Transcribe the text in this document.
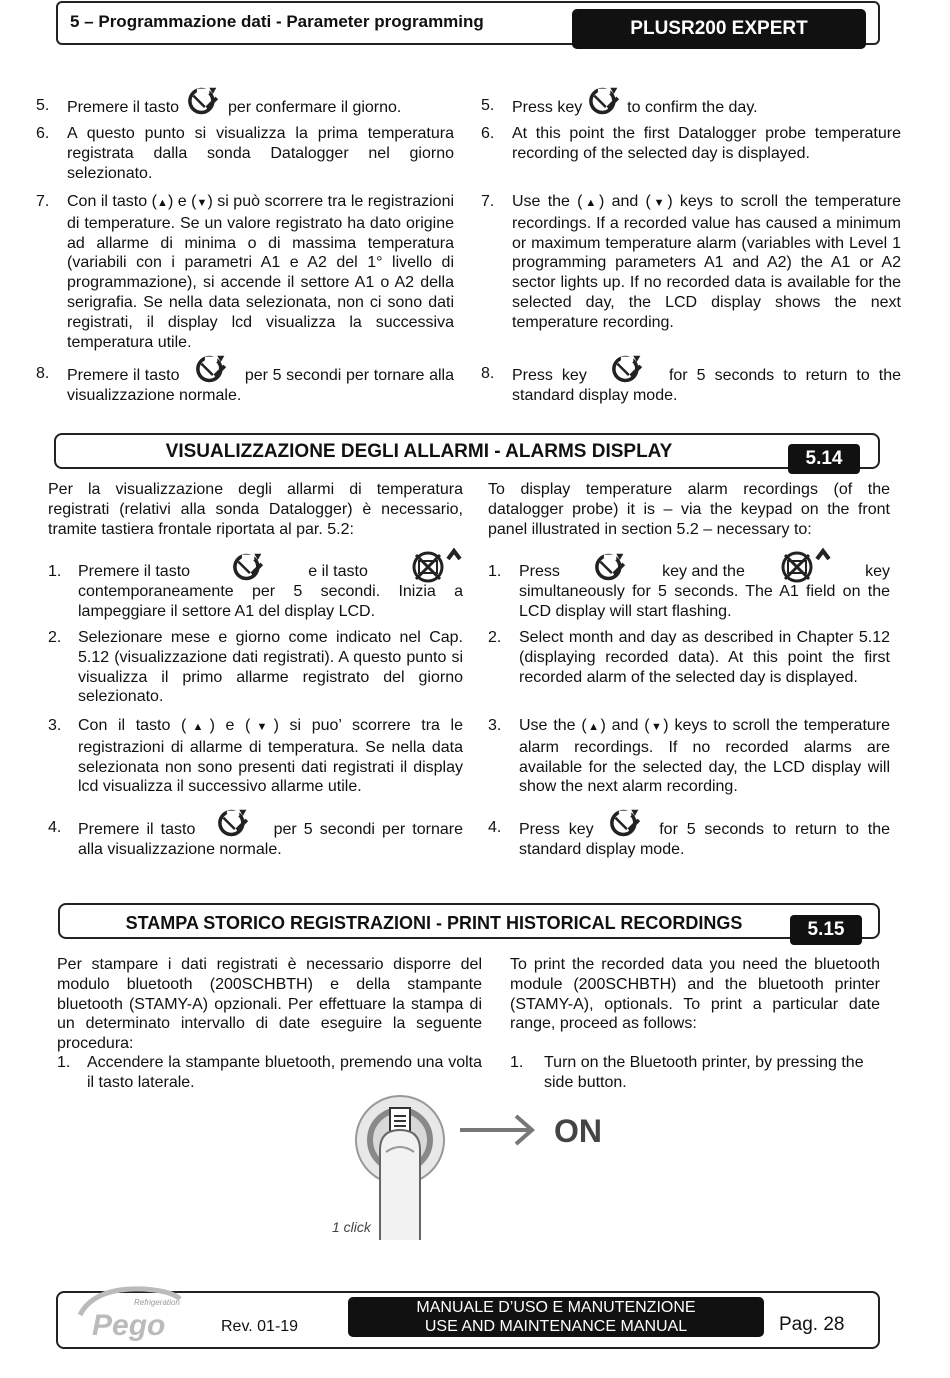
5 – Programmazione dati - Parameter programming	PLUSR200 EXPERT
5. Premere il tasto	per confermare il giorno.
6. A questo punto si visualizza la prima temperatura registrata dalla sonda Datalogger nel giorno selezionato.
7. Con il tasto (▲) e (▼) si può scorrere tra le registrazioni di temperature. Se un valore registrato ha dato origine ad allarme di minima o di massima temperatura (variabili con i parametri A1 e A2 del 1° livello di programmazione), si accende il settore A1 o A2 della serigrafia. Se nella data selezionata, non ci sono dati registrati, il display lcd visualizza la successiva temperatura utile.
8. Premere il tasto	per 5 secondi per tornare alla visualizzazione normale.
5. Press key	to confirm the day.
6. At this point the first Datalogger probe temperature recording of the selected day is displayed.
7. Use the (▲) and (▼) keys to scroll the temperature recordings. If a recorded value has caused a minimum or maximum temperature alarm (variables with Level 1 programming parameters A1 and A2) the A1 or A2 sector lights up. If no recorded data is available for the selected day, the LCD display shows the next temperature recording.
8. Press key	for 5 seconds to return to the standard display mode.
VISUALIZZAZIONE DEGLI ALLARMI - ALARMS DISPLAY	5.14
Per la visualizzazione degli allarmi di temperatura registrati (relativi alla sonda Datalogger) è necessario, tramite tastiera frontale riportata al par. 5.2:
1. Premere il tasto	e il tasto
contemporaneamente per 5 secondi. Inizia a lampeggiare il settore A1 del display LCD.
2. Selezionare mese e giorno come indicato nel Cap. 5.12 (visualizzazione dati registrati). A questo punto si visualizza il primo allarme registrato del giorno selezionato.
3. Con il tasto (▲) e (▼) si puo’ scorrere tra le registrazioni di allarme di temperatura. Se nella data selezionata non sono presenti dati registrati il display lcd visualizza il successivo allarme utile.
4. Premere il tasto	per 5 secondi per tornare alla visualizzazione normale.
To display temperature alarm recordings (of the datalogger probe) it is – via the keypad on the front panel illustrated in section 5.2 – necessary to:
1. Press	key and the	key
simultaneously for 5 seconds. The A1 field on the LCD display will start flashing.
2. Select month and day as described in Chapter 5.12 (displaying recorded data). At this point the first recorded alarm of the selected day is displayed.
3. Use the (▲) and (▼) keys to scroll the temperature alarm recordings. If no recorded alarms are available for the selected day, the LCD display will show the next alarm recording.
4. Press key	for 5 seconds to return to the standard display mode.
STAMPA STORICO REGISTRAZIONI - PRINT HISTORICAL RECORDINGS	5.15
Per stampare i dati registrati è necessario disporre del modulo bluetooth (200SCHBTH) e della stampante bluetooth (STAMY-A) opzionali. Per effettuare la stampa di un determinato intervallo di date eseguire la seguente procedura:
1. Accendere la stampante bluetooth, premendo una volta il tasto laterale.
To print the recorded data you need the bluetooth module (200SCHBTH) and the bluetooth printer (STAMY-A), optionals. To print a particular date range, proceed as follows:
1. Turn on the Bluetooth printer, by pressing the side button.
ON
1 click
Pego
Refrigeration
Rev. 01-19
MANUALE D’USO E MANUTENZIONE
USE AND MAINTENANCE MANUAL	Pag. 28
